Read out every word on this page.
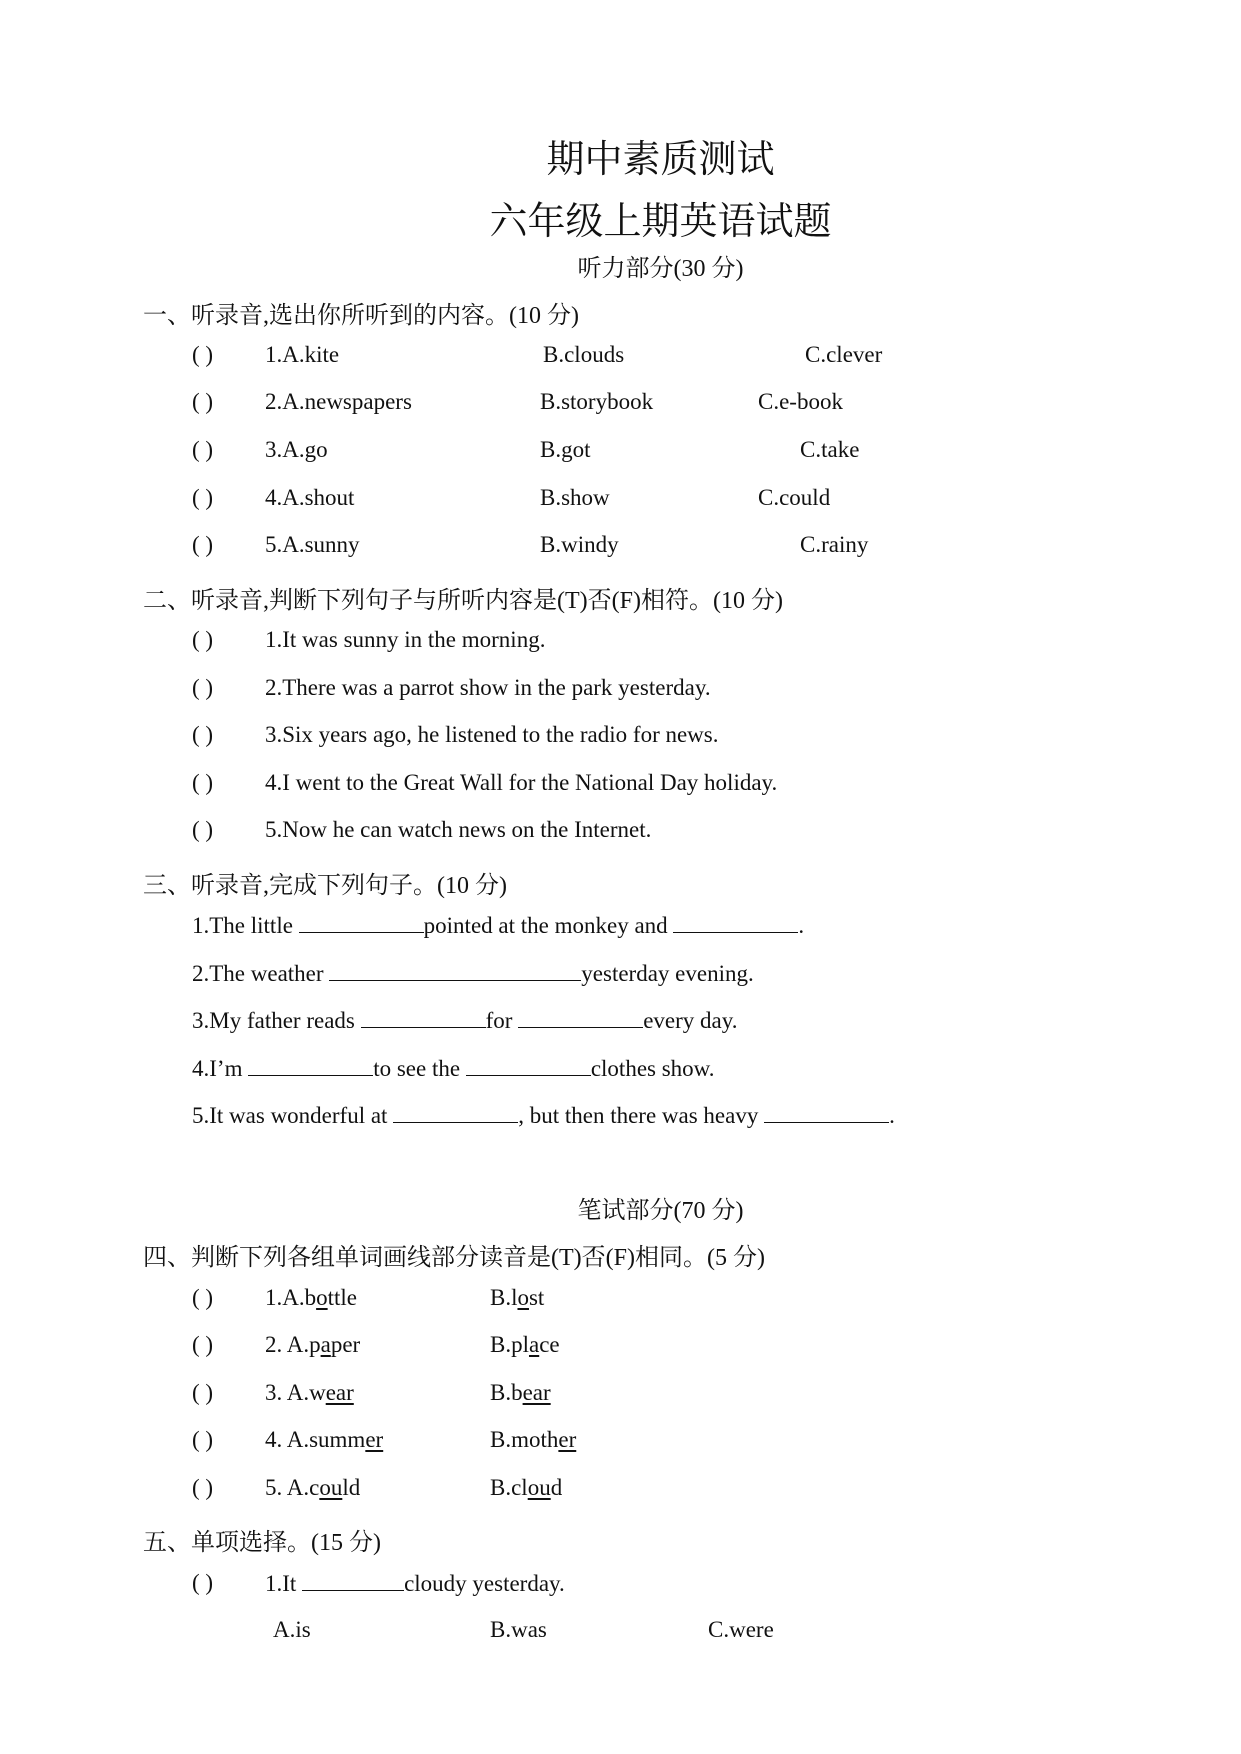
期中素质测试
六年级上期英语试题
听力部分(30 分)
一、听录音,选出你所听到的内容。(10 分)
( ) 1.A.kite	B.clouds	C.clever
( ) 2.A.newspapers	B.storybook	C.e-book
( ) 3.A.go	B.got	C.take
( ) 4.A.shout	B.show	C.could
( ) 5.A.sunny	B.windy	C.rainy
二、听录音,判断下列句子与所听内容是(T)否(F)相符。(10 分)
( ) 1.It was sunny in the morning.
( ) 2.There was a parrot show in the park yesterday.
( ) 3.Six years ago, he listened to the radio for news.
( ) 4.I went to the Great Wall for the National Day holiday.
( ) 5.Now he can watch news on the Internet.
三、听录音,完成下列句子。(10 分)
1.The little	pointed at the monkey and	.
2.The weather	yesterday evening.
3.My father reads	for	every day.
4.I’m	to see the	clothes show.
5.It was wonderful at	, but then there was heavy	.
笔试部分(70 分)
四、判断下列各组单词画线部分读音是(T)否(F)相同。(5 分)
( ) 1.A.bottle	B.lost
( ) 2. A.paper	B.place
( ) 3. A.wear	B.bear
( ) 4. A.summer	B.mother
( ) 5. A.could	B.cloud
五、单项选择。(15 分)
( ) 1.It	cloudy yesterday.
A.is	B.was	C.were
